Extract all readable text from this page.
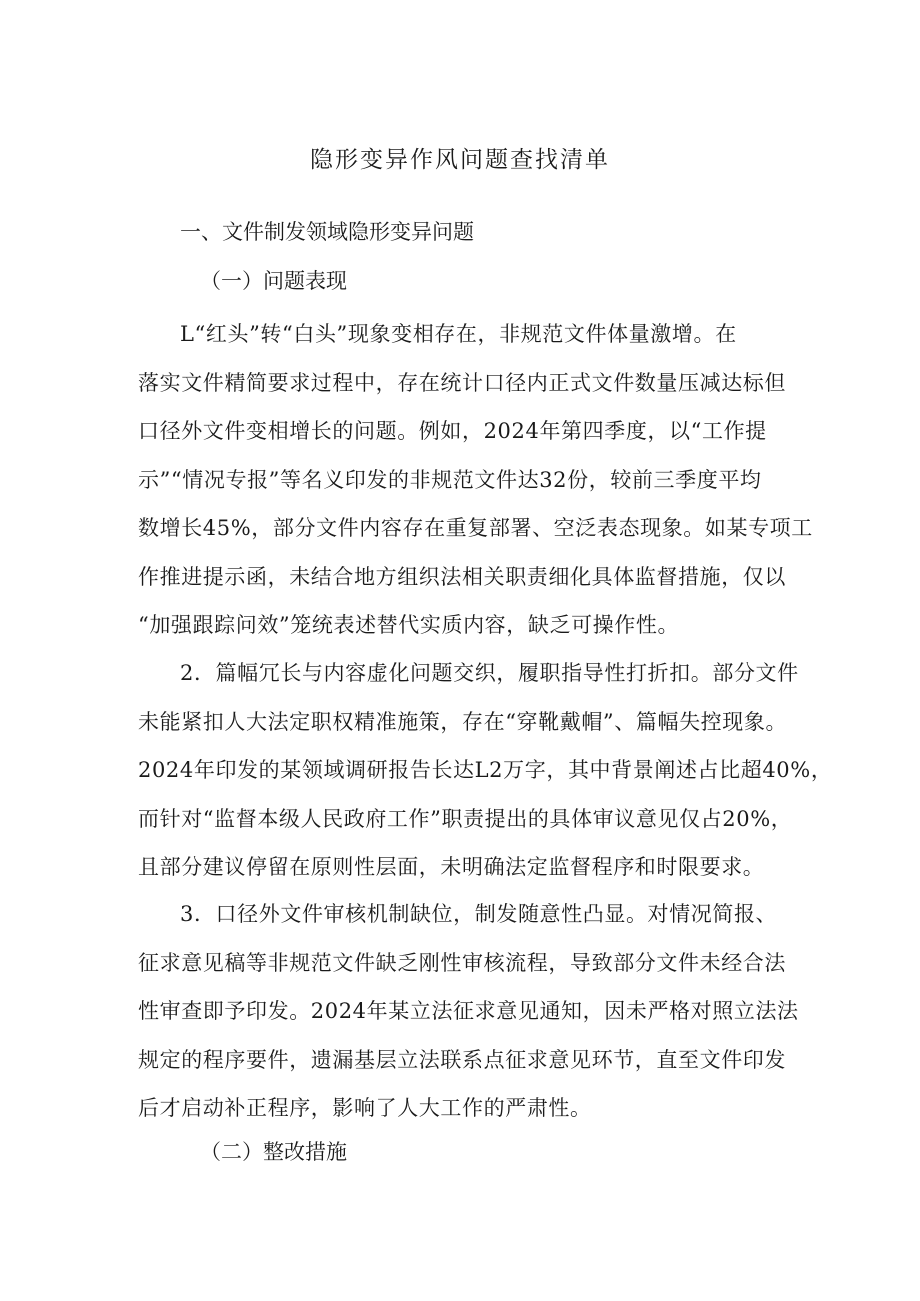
隐形变异作风问题查找清单

一、文件制发领域隐形变异问题

（一）问题表现

L“红头”转“白头”现象变相存在，非规范文件体量激增。在
落实文件精简要求过程中，存在统计口径内正式文件数量压减达标但
口径外文件变相增长的问题。例如，2024年第四季度，以“工作提
示”“情况专报”等名义印发的非规范文件达32份，较前三季度平均
数增长45%，部分文件内容存在重复部署、空泛表态现象。如某专项工
作推进提示函，未结合地方组织法相关职责细化具体监督措施，仅以
“加强跟踪问效”笼统表述替代实质内容，缺乏可操作性。
2．篇幅冗长与内容虚化问题交织，履职指导性打折扣。部分文件
未能紧扣人大法定职权精准施策，存在“穿靴戴帽”、篇幅失控现象。
2024年印发的某领域调研报告长达L2万字，其中背景阐述占比超40%，
而针对“监督本级人民政府工作”职责提出的具体审议意见仅占20%，
且部分建议停留在原则性层面，未明确法定监督程序和时限要求。
3．口径外文件审核机制缺位，制发随意性凸显。对情况简报、
征求意见稿等非规范文件缺乏刚性审核流程，导致部分文件未经合法
性审查即予印发。2024年某立法征求意见通知，因未严格对照立法法
规定的程序要件，遗漏基层立法联系点征求意见环节，直至文件印发
后才启动补正程序，影响了人大工作的严肃性。

（二）整改措施
